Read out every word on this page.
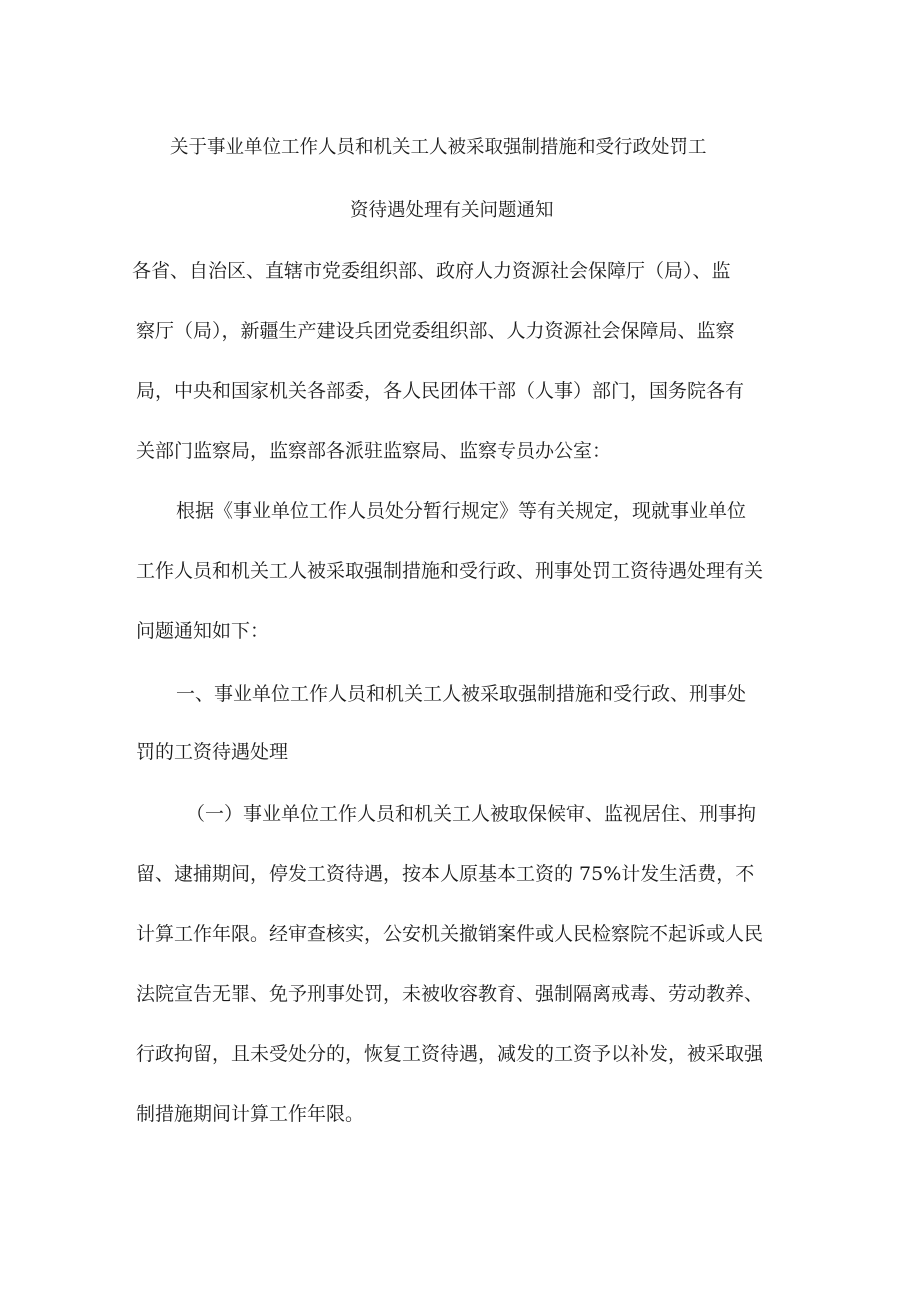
关于事业单位工作人员和机关工人被采取强制措施和受行政处罚工
资待遇处理有关问题通知
各省、自治区、直辖市党委组织部、政府人力资源社会保障厅（局）、监
察厅（局），新疆生产建设兵团党委组织部、人力资源社会保障局、监察
局，中央和国家机关各部委，各人民团体干部（人事）部门，国务院各有
关部门监察局，监察部各派驻监察局、监察专员办公室：
根据《事业单位工作人员处分暂行规定》等有关规定，现就事业单位
工作人员和机关工人被采取强制措施和受行政、刑事处罚工资待遇处理有关
问题通知如下：
一、事业单位工作人员和机关工人被采取强制措施和受行政、刑事处
罚的工资待遇处理
（一）事业单位工作人员和机关工人被取保候审、监视居住、刑事拘
留、逮捕期间，停发工资待遇，按本人原基本工资的 75%计发生活费，不
计算工作年限。经审查核实，公安机关撤销案件或人民检察院不起诉或人民
法院宣告无罪、免予刑事处罚，未被收容教育、强制隔离戒毒、劳动教养、
行政拘留，且未受处分的，恢复工资待遇，减发的工资予以补发，被采取强
制措施期间计算工作年限。
